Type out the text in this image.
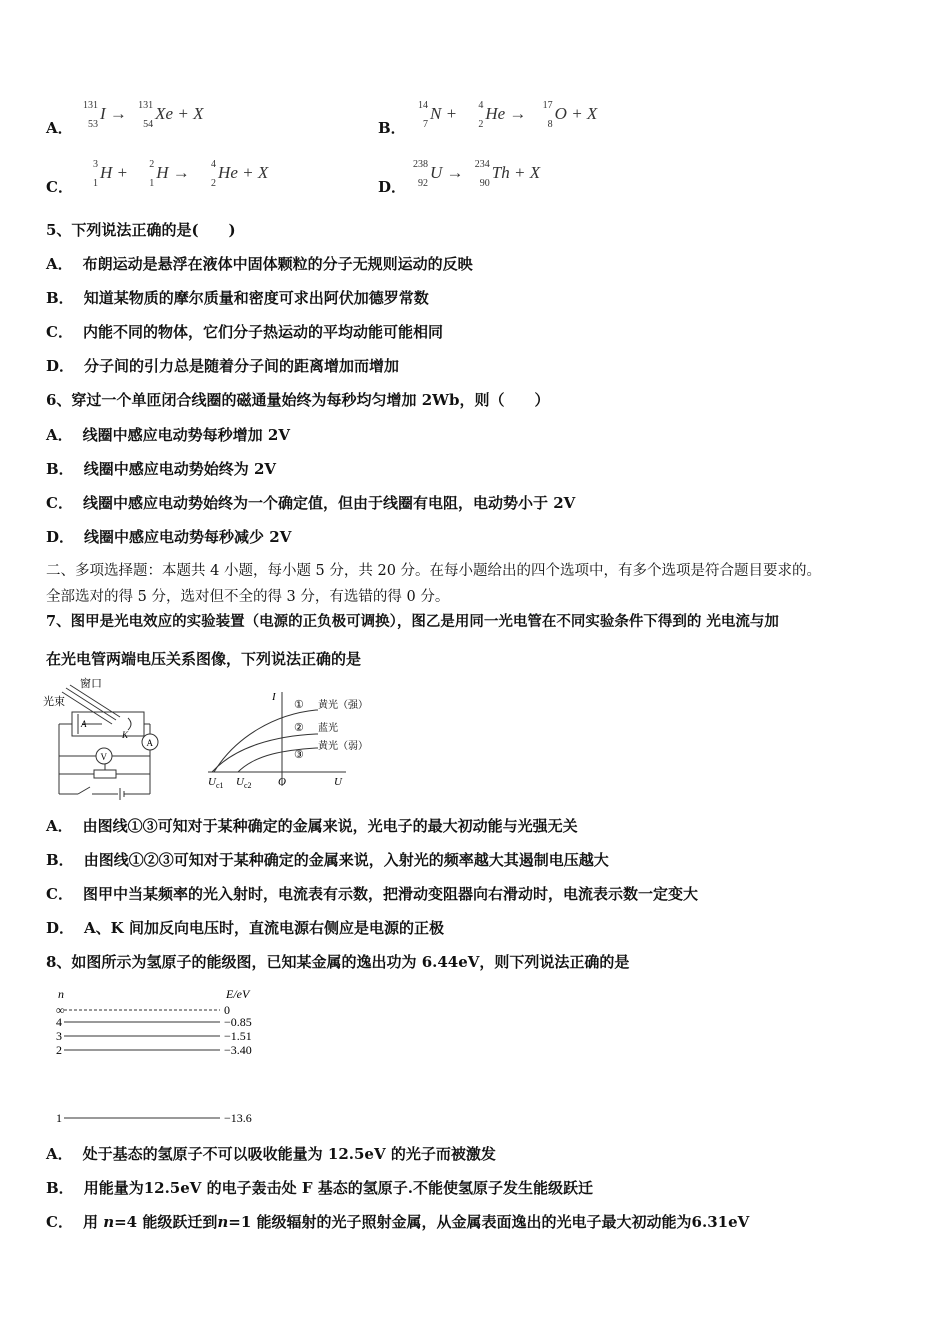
A．
131
53
I → 131
54
Xe + X
B．
14
7
N + 4
2
He → 17
8
O + X
C．
3
1
H + 2
1
H → 4
2
He + X
D．
238
92
U → 234
90
Th + X
5、下列说法正确的是(　　)
A． 布朗运动是悬浮在液体中固体颗粒的分子无规则运动的反映
B． 知道某物质的摩尔质量和密度可求出阿伏加德罗常数
C． 内能不同的物体，它们分子热运动的平均动能可能相同
D． 分子间的引力总是随着分子间的距离增加而增加
6、穿过一个单匝闭合线圈的磁通量始终为每秒均匀增加 2Wb，则（　　）
A． 线圈中感应电动势每秒增加 2V
B． 线圈中感应电动势始终为 2V
C． 线圈中感应电动势始终为一个确定值，但由于线圈有电阻，电动势小于 2V
D． 线圈中感应电动势每秒减少 2V
二、多项选择题：本题共 4 小题，每小题 5 分，共 20 分。在每小题给出的四个选项中，有多个选项是符合题目要求的。
全部选对的得 5 分，选对但不全的得 3 分，有选错的得 0 分。
7、图甲是光电效应的实验装置（电源的正负极可调换），图乙是用同一光电管在不同实验条件下得到的 光电流与加
在光电管两端电压关系图像，下列说法正确的是
窗口
光束
A
K
A
V
I
U
O
U c1 U c2
① 黄光（强）
② 蓝光
③
黄光（弱）
A． 由图线①③可知对于某种确定的金属来说，光电子的最大初动能与光强无关
B． 由图线①②③可知对于某种确定的金属来说，入射光的频率越大其遏制电压越大
C． 图甲中当某频率的光入射时，电流表有示数，把滑动变阻器向右滑动时，电流表示数一定变大
D． A、K 间加反向电压时，直流电源右侧应是电源的正极
8、如图所示为氢原子的能级图，已知某金属的逸出功为 6.44eV，则下列说法正确的是
n	E/eV
∞	0
4	−0.85
3	−1.51
2	−3.40
1	−13.6
A． 处于基态的氢原子不可以吸收能量为 12.5eV 的光子而被激发
B． 用能量为12.5eV 的电子轰击处 F 基态的氢原子.不能使氢原子发生能级跃迁
C． 用 n=4 能级跃迁到n=1 能级辐射的光子照射金属，从金属表面逸出的光电子最大初动能为6.31eV
